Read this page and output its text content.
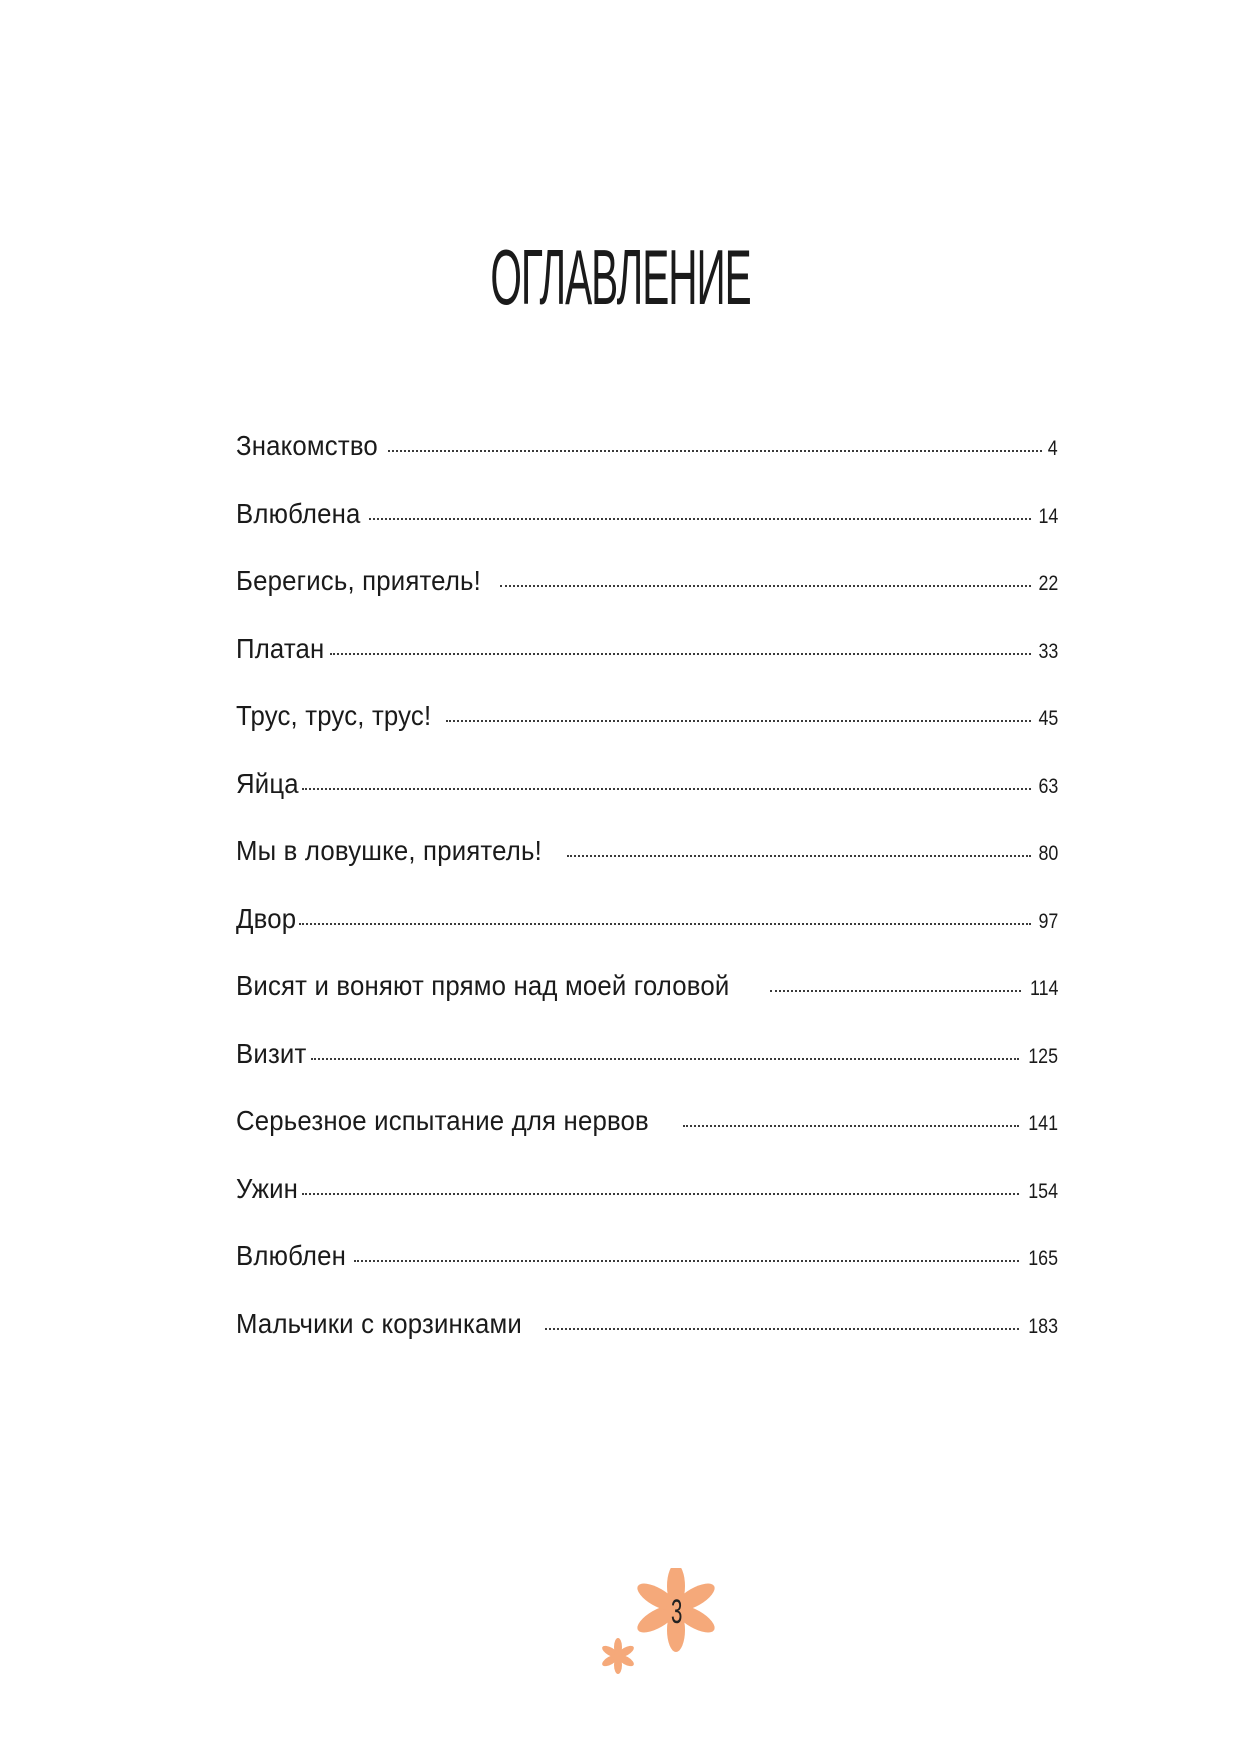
ОГЛАВЛЕНИЕ
Знакомство	4
Влюблена	14
Берегись, приятель!	22
Платан	33
Трус, трус, трус!	45
Яйца	63
Мы в ловушке, приятель!	80
Двор	97
Висят и воняют прямо над моей головой	114
Визит	125
Серьезное испытание для нервов	141
Ужин	154
Влюблен	165
Мальчики с корзинками	183
3
